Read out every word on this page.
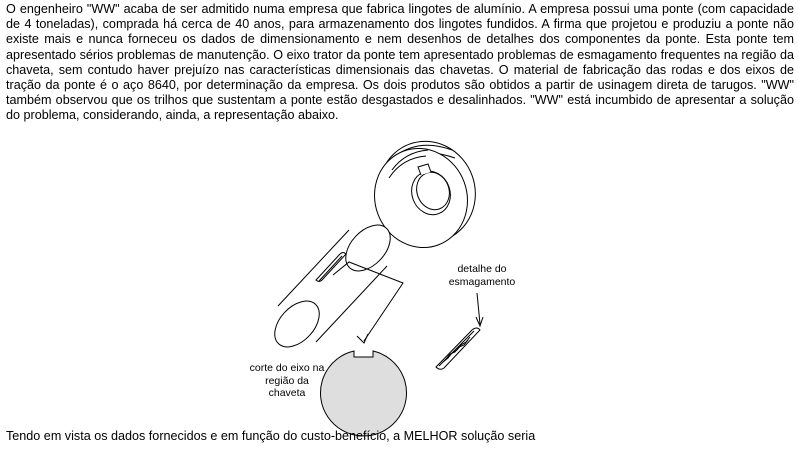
O engenheiro "WW" acaba de ser admitido numa empresa que fabrica lingotes de alumínio. A empresa possui uma ponte (com capacidade de 4 toneladas), comprada há cerca de 40 anos, para armazenamento dos lingotes fundidos. A firma que projetou e produziu a ponte não existe mais e nunca forneceu os dados de dimensionamento e nem desenhos de detalhes dos componentes da ponte. Esta ponte tem apresentado sérios problemas de manutenção. O eixo trator da ponte tem apresentado problemas de esmagamento frequentes na região da chaveta, sem contudo haver prejuízo nas características dimensionais das chavetas. O material de fabricação das rodas e dos eixos de tração da ponte é o aço 8640, por determinação da empresa. Os dois produtos são obtidos a partir de usinagem direta de tarugos. "WW" também observou que os trilhos que sustentam a ponte estão desgastados e desalinhados. "WW" está incumbido de apresentar a solução do problema, considerando, ainda, a representação abaixo.

detalhe do esmagamento
corte do eixo na região da chaveta

Tendo em vista os dados fornecidos e em função do custo-benefício, a MELHOR solução seria
